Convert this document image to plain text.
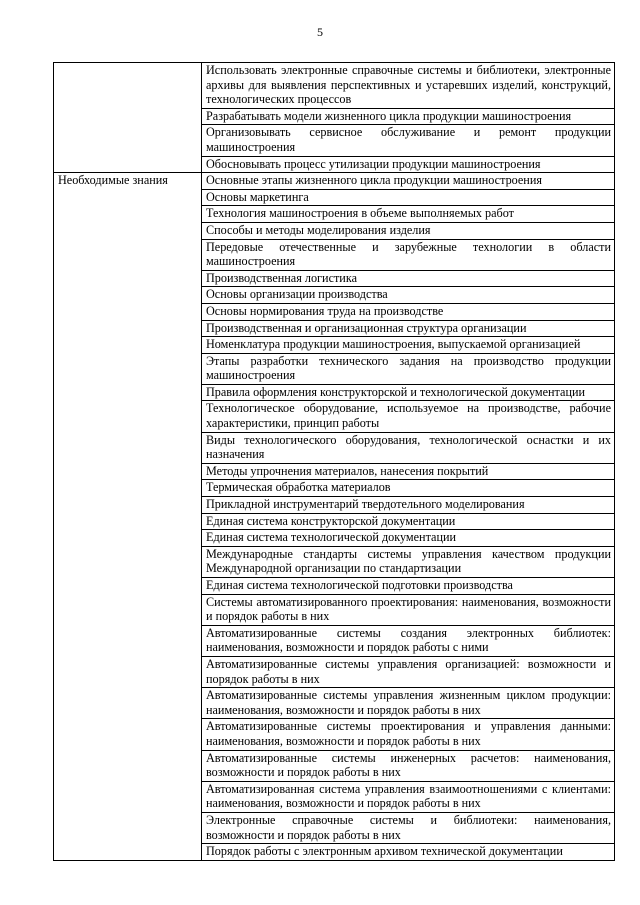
5
	Использовать электронные справочные системы и библиотеки, электронные архивы для выявления перспективных и устаревших изделий, конструкций, технологических процессов
	Разрабатывать модели жизненного цикла продукции машиностроения
	Организовывать сервисное обслуживание и ремонт продукции машиностроения
	Обосновывать процесс утилизации продукции машиностроения
Необходимые знания	Основные этапы жизненного цикла продукции машиностроения
	Основы маркетинга
	Технология машиностроения в объеме выполняемых работ
	Способы и методы моделирования изделия
	Передовые отечественные и зарубежные технологии в области машиностроения
	Производственная логистика
	Основы организации производства
	Основы нормирования труда на производстве
	Производственная и организационная структура организации
	Номенклатура продукции машиностроения, выпускаемой организацией
	Этапы разработки технического задания на производство продукции машиностроения
	Правила оформления конструкторской и технологической документации
	Технологическое оборудование, используемое на производстве, рабочие характеристики, принцип работы
	Виды технологического оборудования, технологической оснастки и их назначения
	Методы упрочнения материалов, нанесения покрытий
	Термическая обработка материалов
	Прикладной инструментарий твердотельного моделирования
	Единая система конструкторской документации
	Единая система технологической документации
	Международные стандарты системы управления качеством продукции Международной организации по стандартизации
	Единая система технологической подготовки производства
	Системы автоматизированного проектирования: наименования, возможности и порядок работы в них
	Автоматизированные системы создания электронных библиотек: наименования, возможности и порядок работы с ними
	Автоматизированные системы управления организацией: возможности и порядок работы в них
	Автоматизированные системы управления жизненным циклом продукции: наименования, возможности и порядок работы в них
	Автоматизированные системы проектирования и управления данными: наименования, возможности и порядок работы в них
	Автоматизированные системы инженерных расчетов: наименования, возможности и порядок работы в них
	Автоматизированная система управления взаимоотношениями с клиентами: наименования, возможности и порядок работы в них
	Электронные справочные системы и библиотеки: наименования, возможности и порядок работы в них
	Порядок работы с электронным архивом технической документации
